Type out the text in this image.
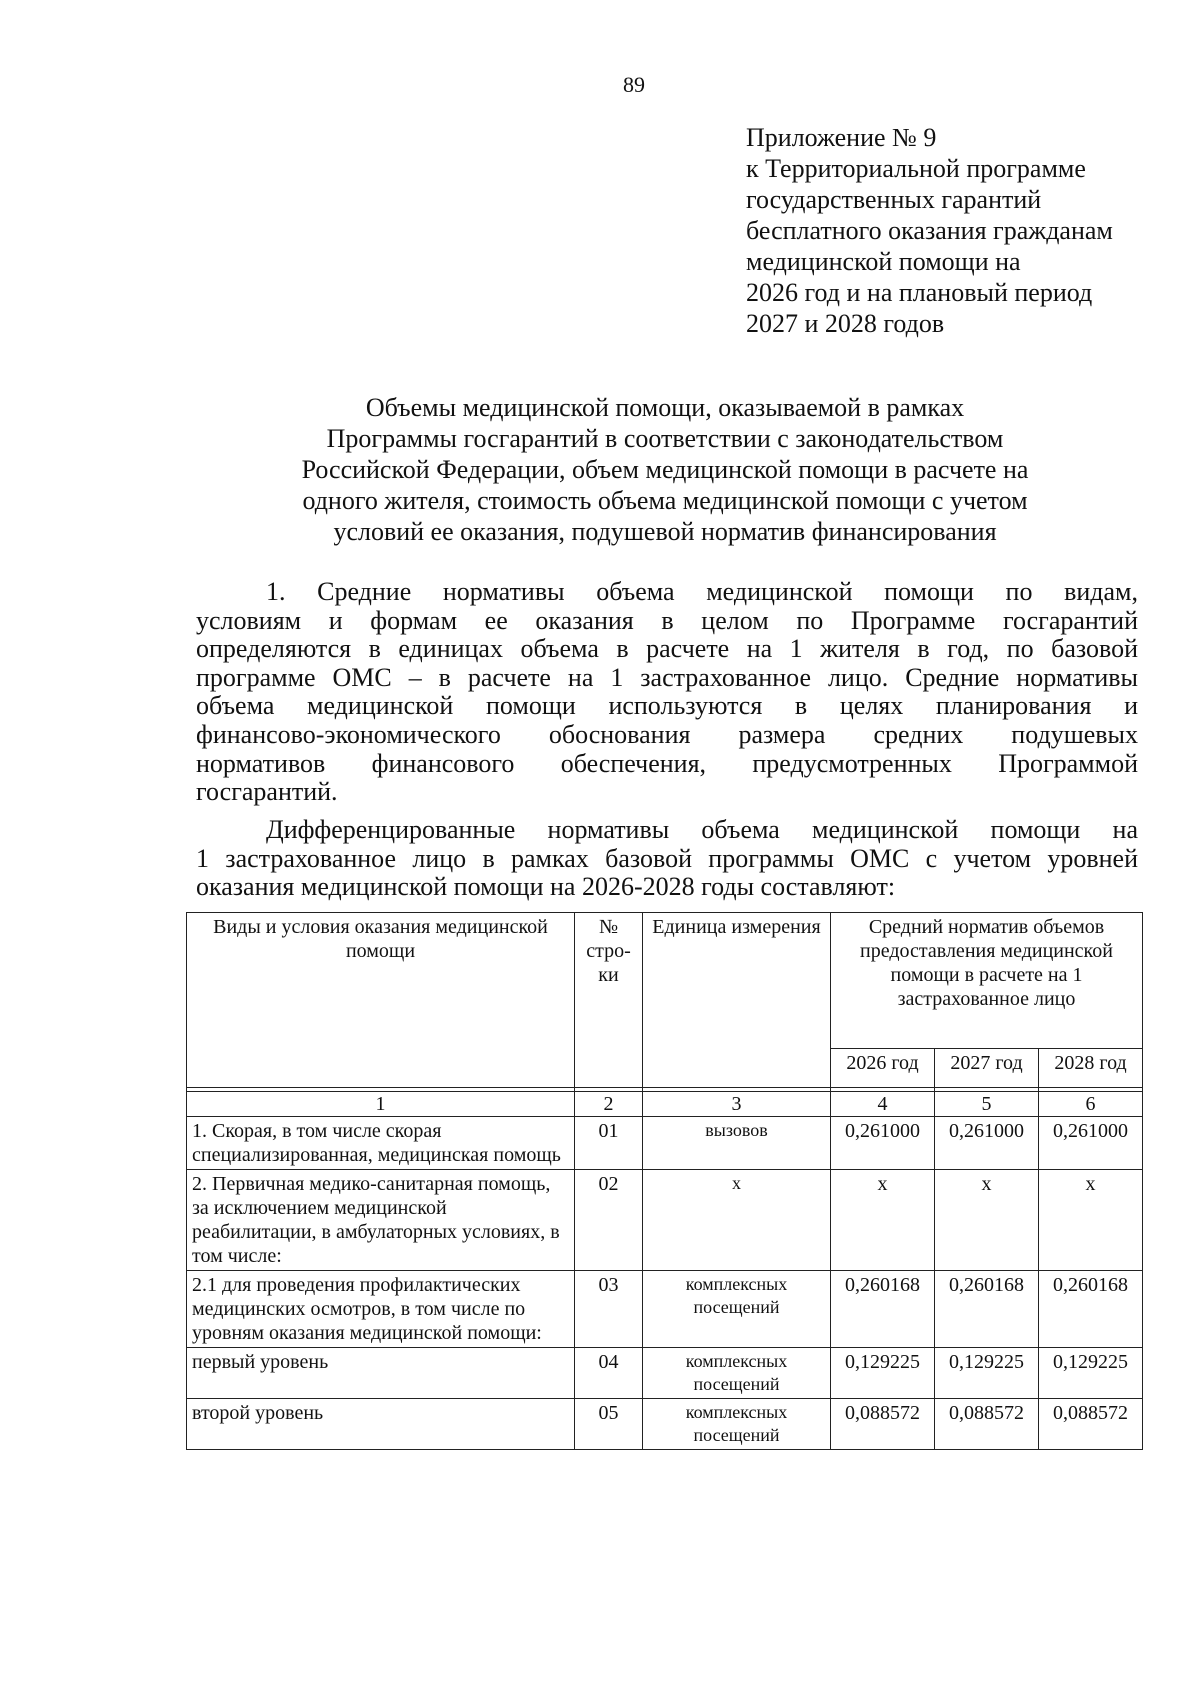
89
Приложение № 9
к Территориальной программе
государственных гарантий
бесплатного оказания гражданам
медицинской помощи на
2026 год и на плановый период
2027 и 2028 годов
Объемы медицинской помощи, оказываемой в рамках
Программы госгарантий в соответствии с законодательством
Российской Федерации, объем медицинской помощи в расчете на
одного жителя, стоимость объема медицинской помощи с учетом
условий ее оказания, подушевой норматив финансирования
1. Средние нормативы объема медицинской помощи по видам,
условиям и формам ее оказания в целом по Программе госгарантий
определяются в единицах объема в расчете на 1 жителя в год, по базовой
программе ОМС – в расчете на 1 застрахованное лицо. Средние нормативы
объема медицинской помощи используются в целях планирования и
финансово-экономического обоснования размера средних подушевых
нормативов финансового обеспечения, предусмотренных Программой
госгарантий.
Дифференцированные нормативы объема медицинской помощи на
1 застрахованное лицо в рамках базовой программы ОМС с учетом уровней
оказания медицинской помощи на 2026-2028 годы составляют:
Виды и условия оказания медицинской помощи	№ стро-ки	Единица измерения	Средний норматив объемов предоставления медицинской помощи в расчете на 1 застрахованное лицо		
			2026 год	2027 год	2028 год

1	2	3	4	5	6
1. Скорая, в том числе скорая специализированная, медицинская помощь	01	вызовов	0,261000	0,261000	0,261000
2. Первичная медико-санитарная помощь, за исключением медицинской реабилитации, в амбулаторных условиях, в том числе:	02	х	х	х	х
2.1 для проведения профилактических медицинских осмотров, в том числе по уровням оказания медицинской помощи:	03	комплексных посещений	0,260168	0,260168	0,260168
первый уровень	04	комплексных посещений	0,129225	0,129225	0,129225
второй уровень	05	комплексных посещений	0,088572	0,088572	0,088572
